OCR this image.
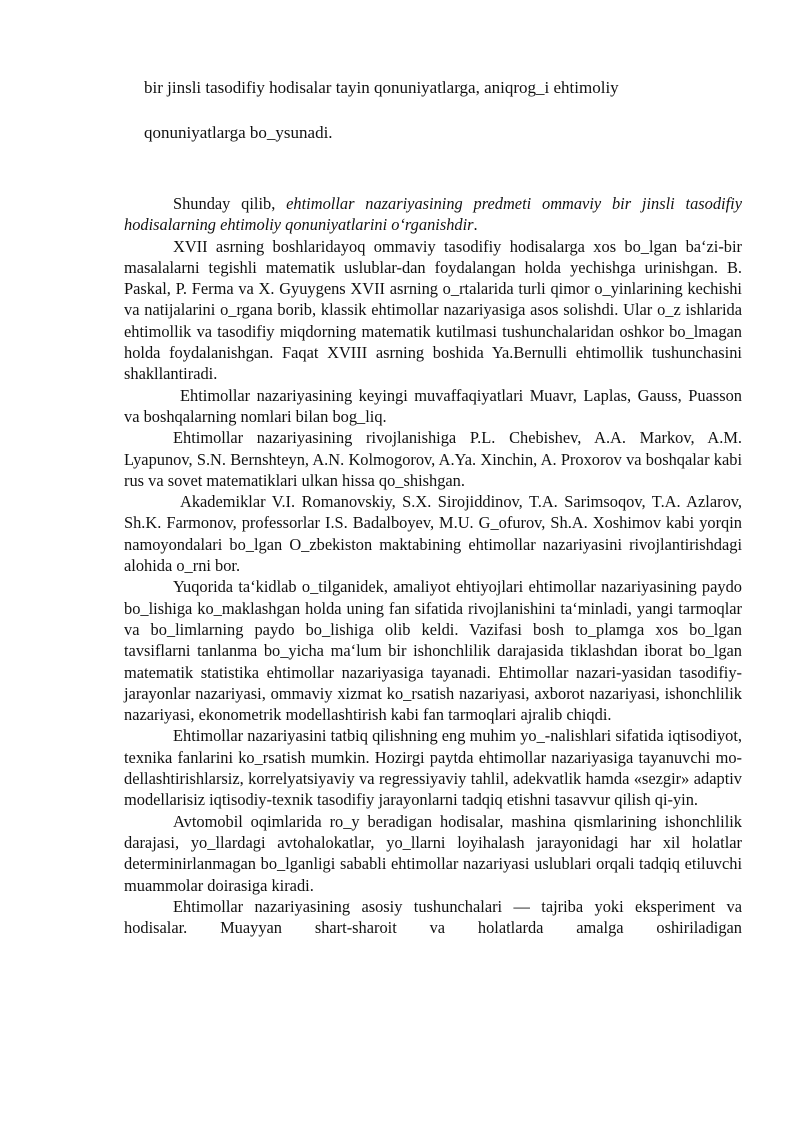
bir jinsli tasodifiy hodisalar tayin qonuniyatlarga, aniqrog_i ehtimoliy
qonuniyatlarga bo_ysunadi.

Shunday qilib, ehtimollar nazariyasining predmeti ommaviy bir jinsli tasodifiy hodisalarning ehtimoliy qonuniyatlarini o‘rganishdir.

XVII asrning boshlaridayoq ommaviy tasodifiy hodisalarga xos bo_lgan ba‘zi-bir masalalarni tegishli matematik uslublar-dan foydalangan holda yechishga urinishgan. B. Paskal, P. Ferma va X. Gyuygens XVII asrning o_rtalarida turli qimor o_yinlarining kechishi va natijalarini o_rgana borib, klassik ehtimollar nazariyasiga asos solishdi. Ular o_z ishlarida ehtimollik va tasodifiy miqdorning matematik kutilmasi tushunchalaridan oshkor bo_lmagan holda foydalanishgan. Faqat XVIII asrning boshida Ya.Bernulli ehtimollik tushunchasini shakllantiradi.

Ehtimollar nazariyasining keyingi muvaffaqiyatlari Muavr, Laplas, Gauss, Puasson va boshqalarning nomlari bilan bog_liq.

Ehtimollar nazariyasining rivojlanishiga P.L. Chebishev, A.A. Markov, A.M. Lyapunov, S.N. Bernshteyn, A.N. Kolmogorov, A.Ya. Xinchin, A. Proxorov va boshqalar kabi rus va sovet matematiklari ulkan hissa qo_shishgan.

Akademiklar V.I. Romanovskiy, S.X. Sirojiddinov, T.A. Sarimsoqov, T.A. Azlarov, Sh.K. Farmonov, professorlar I.S. Badalboyev, M.U. G_ofurov, Sh.A. Xoshimov kabi yorqin namoyondalari bo_lgan O_zbekiston maktabining ehtimollar nazariyasini rivojlantirishdagi alohida o_rni bor.

Yuqorida ta‘kidlab o_tilganidek, amaliyot ehtiyojlari ehtimollar nazariyasining paydo bo_lishiga ko_maklashgan holda uning fan sifatida rivojlanishini ta‘minladi, yangi tarmoqlar va bo_limlarning paydo bo_lishiga olib keldi. Vazifasi bosh to_plamga xos bo_lgan tavsiflarni tanlanma bo_yicha ma‘lum bir ishonchlilik darajasida tiklashdan iborat bo_lgan matematik statistika ehtimollar nazariyasiga tayanadi. Ehtimollar nazari-yasidan tasodifiy- jarayonlar nazariyasi, ommaviy xizmat ko_rsatish nazariyasi, axborot nazariyasi, ishonchlilik nazariyasi, ekonometrik modellashtirish kabi fan tarmoqlari ajralib chiqdi.

Ehtimollar nazariyasini tatbiq qilishning eng muhim yo_-nalishlari sifatida iqtisodiyot, texnika fanlarini ko_rsatish mumkin. Hozirgi paytda ehtimollar nazariyasiga tayanuvchi mo-dellashtirishlarsiz, korrelyatsiyaviy va regressiyaviy tahlil, adekvatlik hamda «sezgir» adaptiv modellarisiz iqtisodiy-texnik tasodifiy jarayonlarni tadqiq etishni tasavvur qilish qi-yin.

Avtomobil oqimlarida ro_y beradigan hodisalar, mashina qismlarining ishonchlilik darajasi, yo_llardagi avtohalokatlar, yo_llarni loyihalash jarayonidagi har xil holatlar determinirlanmagan bo_lganligi sababli ehtimollar nazariyasi uslublari orqali tadqiq etiluvchi muammolar doirasiga kiradi.

Ehtimollar nazariyasining asosiy tushunchalari — tajriba yoki eksperiment va hodisalar. Muayyan shart-sharoit va holatlarda amalga oshiriladigan
